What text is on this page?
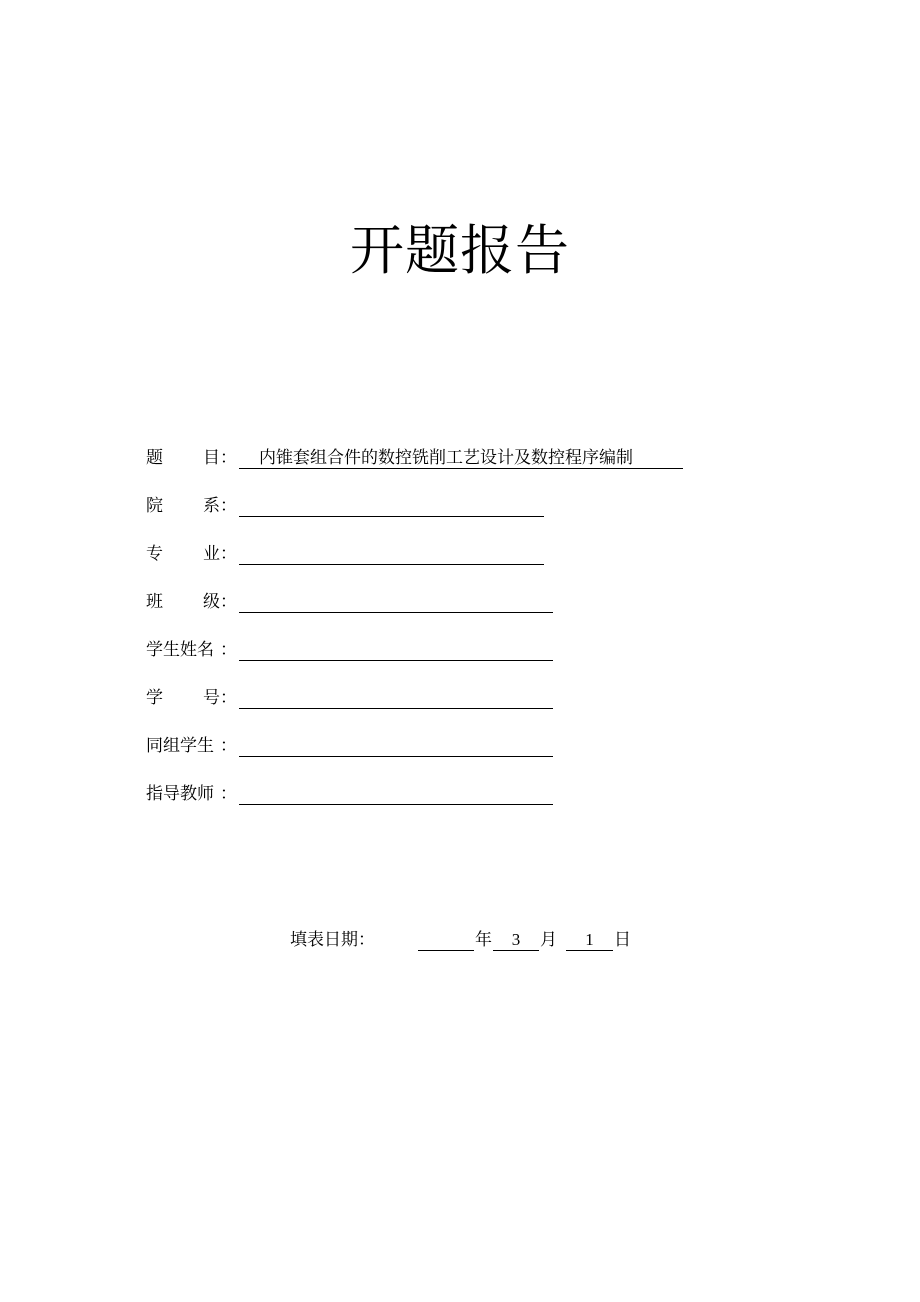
开题报告
题 目 ： 内锥套组合件的数控铣削工艺设计及数控程序编制
院 系 ：
专 业 ：
班 级 ：
学生姓名 ：
学 号 ：
同组学生 ：
指导教师 ：
填表日期：	年	3	月	1	日
